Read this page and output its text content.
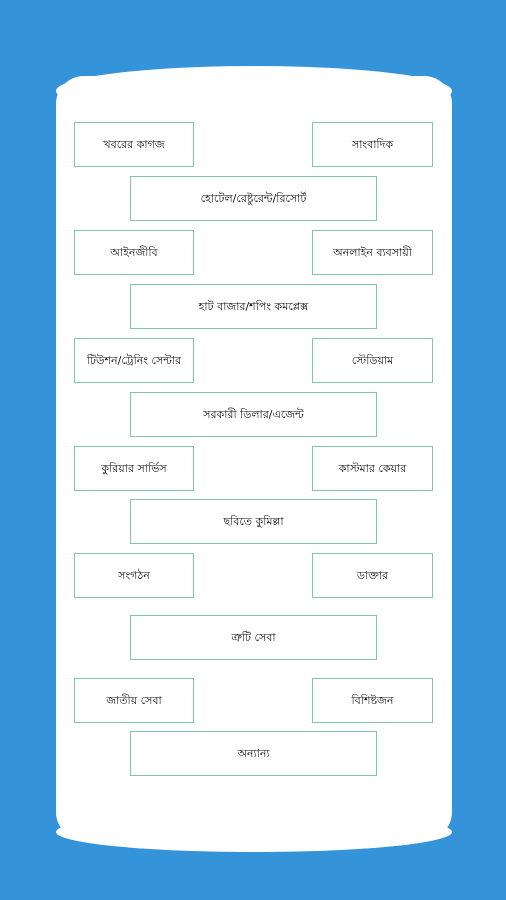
খবরের কাগজ	সাংবাদিক
হোটেল/রেষ্টুরেন্ট/রিসোর্ট
আইনজীবি	অনলাইন ব্যবসায়ী
হাট বাজার/শপিং কমপ্লেক্স
টিউশন/ট্রেনিং সেন্টার	স্টেডিয়াম
সরকারী ডিলার/এজেন্ট
কুরিয়ার সার্ভিস	কাস্টমার কেয়ার
ছবিতে কুমিল্লা
সংগঠন	ডাক্তার
ত্রুটি সেবা
জাতীয় সেবা	বিশিষ্টজন
অন্যান্য
